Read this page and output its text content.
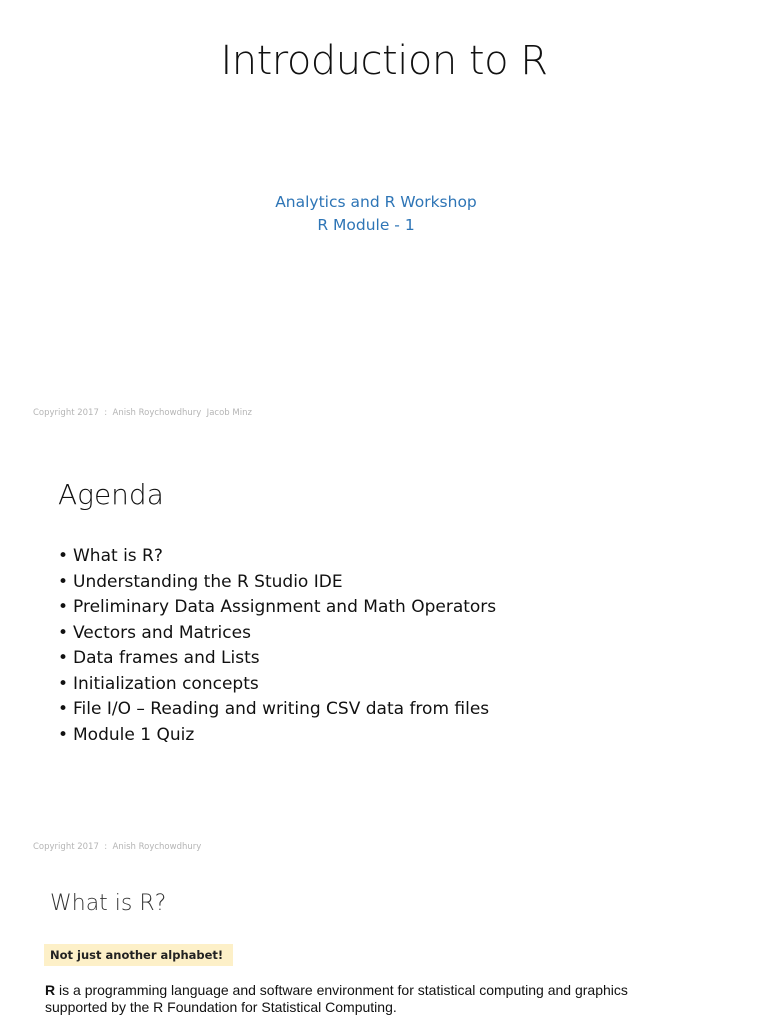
Introduction to R
Analytics and R Workshop
R Module - 1
Copyright 2017  :  Anish Roychowdhury  Jacob Minz
Agenda
• What is R?
• Understanding the R Studio IDE
• Preliminary Data Assignment and Math Operators
• Vectors and Matrices
• Data frames and Lists
• Initialization concepts
• File I/O – Reading and writing CSV data from files
• Module 1 Quiz
Copyright 2017  :  Anish Roychowdhury
What is R?
Not just another alphabet!
R is a programming language and software environment for statistical computing and graphics supported by the R Foundation for Statistical Computing.
